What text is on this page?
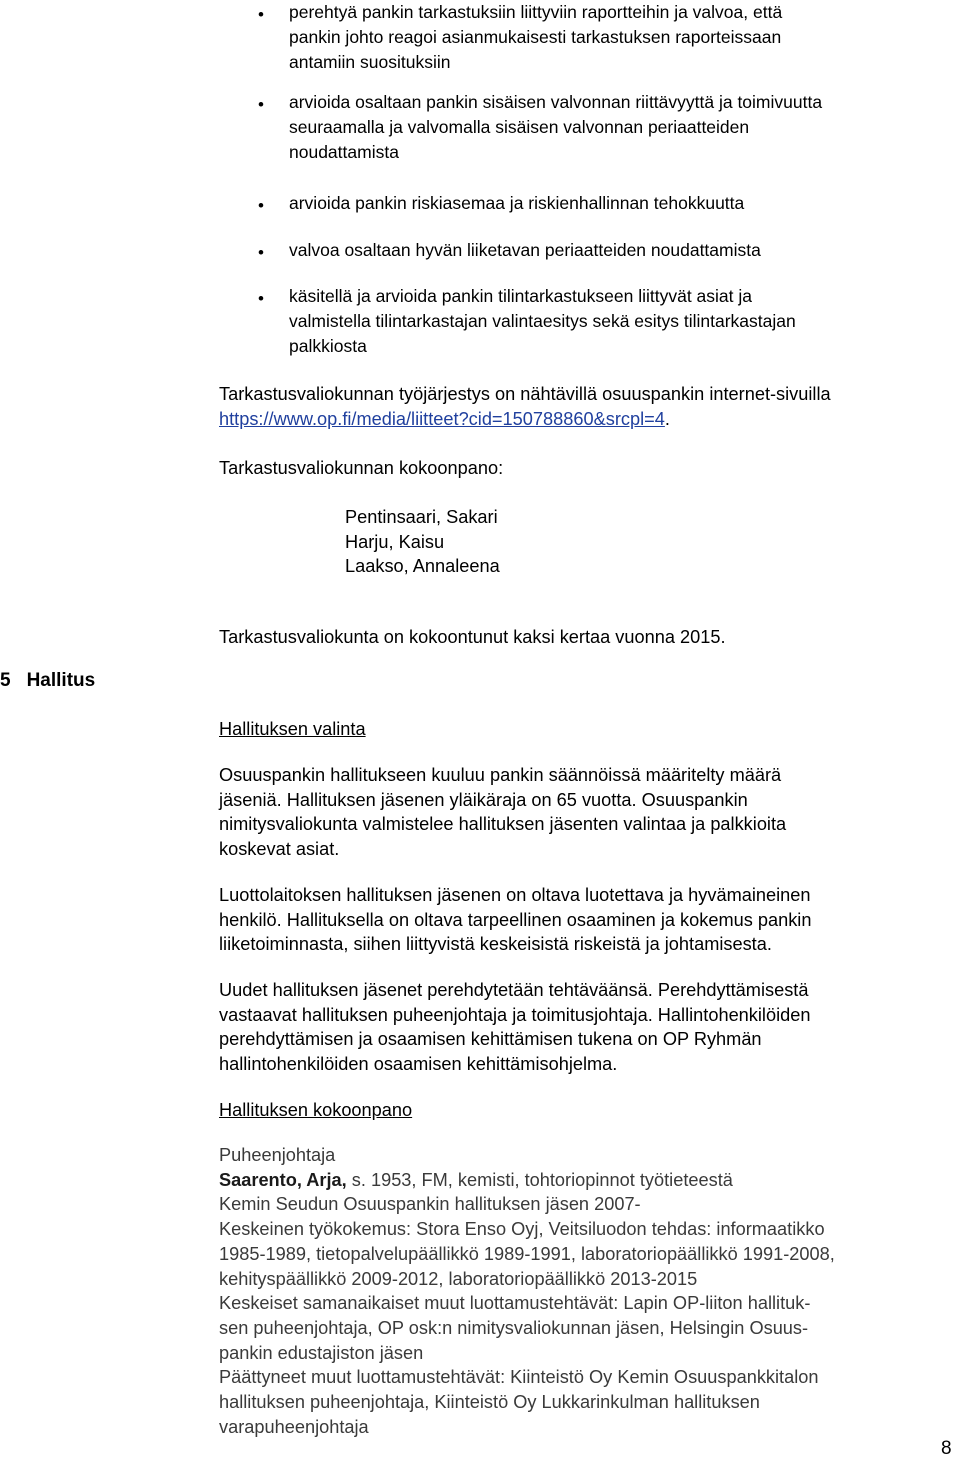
• perehtyä pankin tarkastuksiin liittyviin raportteihin ja valvoa, että
pankin johto reagoi asianmukaisesti tarkastuksen raporteissaan
antamiin suosituksiin
• arvioida osaltaan pankin sisäisen valvonnan riittävyyttä ja toimivuutta
seuraamalla ja valvomalla sisäisen valvonnan periaatteiden
noudattamista
• arvioida pankin riskiasemaa ja riskienhallinnan tehokkuutta
• valvoa osaltaan hyvän liiketavan periaatteiden noudattamista
• käsitellä ja arvioida pankin tilintarkastukseen liittyvät asiat ja
valmistella tilintarkastajan valintaesitys sekä esitys tilintarkastajan
palkkiosta
Tarkastusvaliokunnan työjärjestys on nähtävillä osuuspankin internet-sivuilla
https://www.op.fi/media/liitteet?cid=150788860&srcpl=4.
Tarkastusvaliokunnan kokoonpano:
Pentinsaari, Sakari
Harju, Kaisu
Laakso, Annaleena
Tarkastusvaliokunta on kokoontunut kaksi kertaa vuonna 2015.
5 Hallitus
Hallituksen valinta
Osuuspankin hallitukseen kuuluu pankin säännöissä määritelty määrä
jäseniä. Hallituksen jäsenen yläikäraja on 65 vuotta. Osuuspankin
nimitysvaliokunta valmistelee hallituksen jäsenten valintaa ja palkkioita
koskevat asiat.
Luottolaitoksen hallituksen jäsenen on oltava luotettava ja hyvämaineinen
henkilö. Hallituksella on oltava tarpeellinen osaaminen ja kokemus pankin
liiketoiminnasta, siihen liittyvistä keskeisistä riskeistä ja johtamisesta.
Uudet hallituksen jäsenet perehdytetään tehtäväänsä. Perehdyttämisestä
vastaavat hallituksen puheenjohtaja ja toimitusjohtaja. Hallintohenkilöiden
perehdyttämisen ja osaamisen kehittämisen tukena on OP Ryhmän
hallintohenkilöiden osaamisen kehittämisohjelma.
Hallituksen kokoonpano
Puheenjohtaja
Saarento, Arja, s. 1953, FM, kemisti, tohtoriopinnot työtieteestä
Kemin Seudun Osuuspankin hallituksen jäsen 2007-
Keskeinen työkokemus: Stora Enso Oyj, Veitsiluodon tehdas: informaatikko
1985-1989, tietopalvelupäällikkö 1989-1991, laboratoriopäällikkö 1991-2008,
kehityspäällikkö 2009-2012, laboratoriopäällikkö 2013-2015
Keskeiset samanaikaiset muut luottamustehtävät: Lapin OP-liiton hallituk-
sen puheenjohtaja, OP osk:n nimitysvaliokunnan jäsen, Helsingin Osuus-
pankin edustajiston jäsen
Päättyneet muut luottamustehtävät: Kiinteistö Oy Kemin Osuuspankkitalon
hallituksen puheenjohtaja, Kiinteistö Oy Lukkarinkulman hallituksen
varapuheenjohtaja
8
